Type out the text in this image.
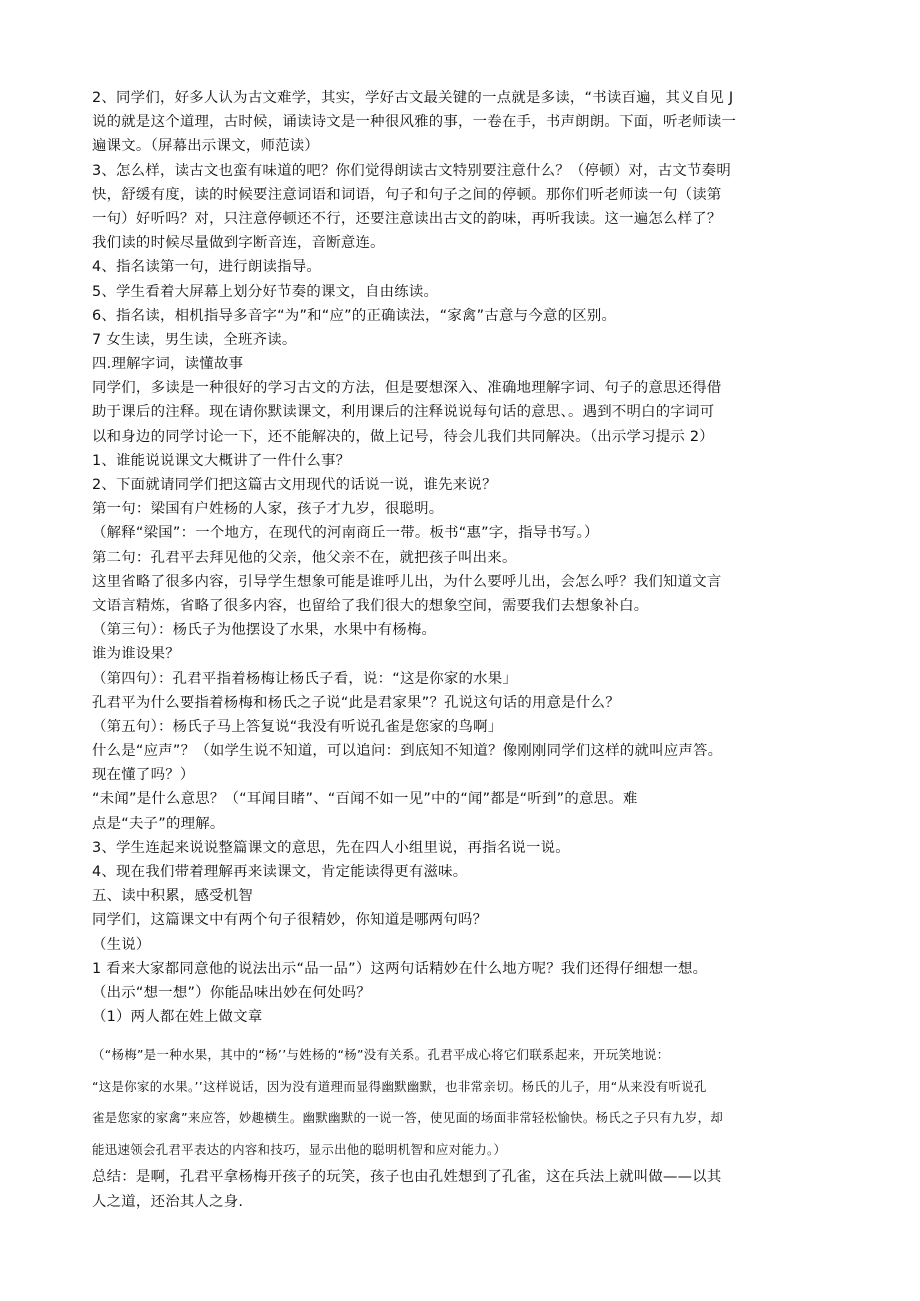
2、同学们，好多人认为古文难学，其实，学好古文最关键的一点就是多读，“书读百遍，其义自见 J
说的就是这个道理，古时候，诵读诗文是一种很风雅的事，一卷在手，书声朗朗。下面，听老师读一
遍课文。（屏幕出示课文，师范读）
3、怎么样，读古文也蛮有味道的吧？你们觉得朗读古文特别要注意什么？（停顿）对，古文节奏明
快，舒缓有度，读的时候要注意词语和词语，句子和句子之间的停顿。那你们听老师读一句（读第
一句）好听吗？对，只注意停顿还不行，还要注意读出古文的韵味，再听我读。这一遍怎么样了？
我们读的时候尽量做到字断音连，音断意连。
4、指名读第一句，进行朗读指导。
5、学生看着大屏幕上划分好节奏的课文，自由练读。
6、指名读，相机指导多音字“为”和“应”的正确读法，“家禽”古意与今意的区别。
7 女生读，男生读，全班齐读。
四.理解字词，读懂故事
同学们，多读是一种很好的学习古文的方法，但是要想深入、准确地理解字词、句子的意思还得借
助于课后的注释。现在请你默读课文，利用课后的注释说说每句话的意思、。遇到不明白的字词可
以和身边的同学讨论一下，还不能解决的，做上记号，待会儿我们共同解决。（出示学习提示 2）
1、谁能说说课文大概讲了一件什么事？
2、下面就请同学们把这篇古文用现代的话说一说，谁先来说？
第一句：梁国有户姓杨的人家，孩子才九岁，很聪明。
（解释“梁国”：一个地方，在现代的河南商丘一带。板书“惠”字，指导书写。）
第二句：孔君平去拜见他的父亲，他父亲不在，就把孩子叫出来。
这里省略了很多内容，引导学生想象可能是谁呼儿出，为什么要呼儿出，会怎么呼？我们知道文言
文语言精炼，省略了很多内容，也留给了我们很大的想象空间，需要我们去想象补白。
（第三句）：杨氏子为他摆设了水果，水果中有杨梅。
谁为谁设果？
（第四句）：孔君平指着杨梅让杨氏子看，说：“这是你家的水果」
孔君平为什么要指着杨梅和杨氏之子说“此是君家果”？孔说这句话的用意是什么？
（第五句）：杨氏子马上答复说“我没有听说孔雀是您家的鸟啊」
什么是“应声”？（如学生说不知道，可以追问：到底知不知道？像刚刚同学们这样的就叫应声答。
现在懂了吗？）
“未闻”是什么意思？（“耳闻目睹”、“百闻不如一见”中的“闻”都是“听到”的意思。难
点是“夫子”的理解。
3、学生连起来说说整篇课文的意思，先在四人小组里说，再指名说一说。
4、现在我们带着理解再来读课文，肯定能读得更有滋味。
五、读中积累，感受机智
同学们，这篇课文中有两个句子很精妙，你知道是哪两句吗？
（生说）
1 看来大家都同意他的说法出示“品一品”）这两句话精妙在什么地方呢？我们还得仔细想一想。
（出示“想一想”）你能品味出妙在何处吗？
（1）两人都在姓上做文章
（“杨梅”是一种水果，其中的“杨’’与姓杨的“杨”没有关系。孔君平成心将它们联系起来，开玩笑地说：
“这是你家的水果。’’这样说话，因为没有道理而显得幽默幽默，也非常亲切。杨氏的儿子，用“从来没有听说孔
雀是您家的家禽”来应答，妙趣横生。幽默幽默的一说一答，使见面的场面非常轻松愉快。杨氏之子只有九岁，却
能迅速领会孔君平表达的内容和技巧，显示出他的聪明机智和应对能力。）
总结：是啊，孔君平拿杨梅开孩子的玩笑，孩子也由孔姓想到了孔雀，这在兵法上就叫做——以其
人之道，还治其人之身.
